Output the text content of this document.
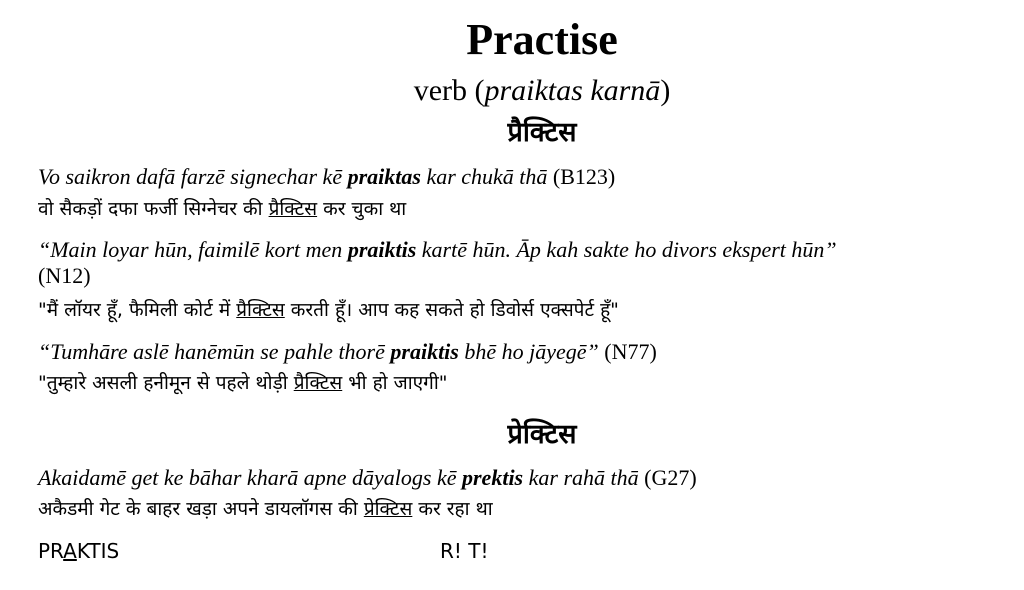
Practise
verb (praiktas karnā)
प्रैक्टिस
Vo saikron dafā farzē signechar kē praiktas kar chukā thā (B123)
वो सैकड़ों दफा फर्जी सिग्नेचर की प्रैक्टिस कर चुका था
“Main loyar hūn, faimilē kort men praiktis kartē hūn. Āp kah sakte ho divors ekspert hūn”
(N12)
"मैं लॉयर हूँ, फैमिली कोर्ट में प्रैक्टिस करती हूँ। आप कह सकते हो डिवोर्स एक्सपेर्ट हूँ"
“Tumhāre aslē hanēmūn se pahle thorē praiktis bhē ho jāyegē” (N77)
"तुम्हारे असली हनीमून से पहले थोड़ी प्रैक्टिस भी हो जाएगी"
प्रेक्टिस
Akaidamē get ke bāhar kharā apne dāyalogs kē prektis kar rahā thā (G27)
अकैडमी गेट के बाहर खड़ा अपने डायलॉगस की प्रेक्टिस कर रहा था
PRAKTIS	R! T!
